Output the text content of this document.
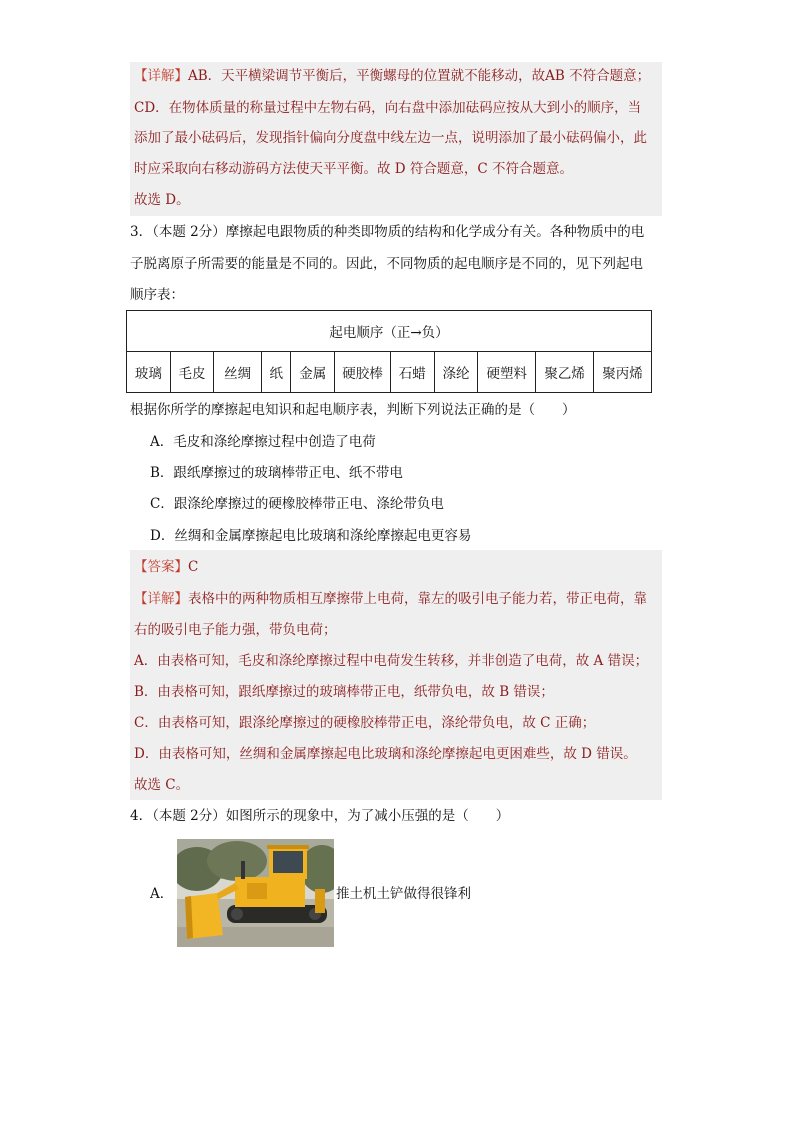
【详解】AB．天平横梁调节平衡后，平衡螺母的位置就不能移动，故AB 不符合题意；
CD．在物体质量的称量过程中左物右码，向右盘中添加砝码应按从大到小的顺序，当
添加了最小砝码后，发现指针偏向分度盘中线左边一点，说明添加了最小砝码偏小，此
时应采取向右移动游码方法使天平平衡。故 D 符合题意，C 不符合题意。
故选 D。
3．（本题 2分）摩擦起电跟物质的种类即物质的结构和化学成分有关。各种物质中的电
子脱离原子所需要的能量是不同的。因此，不同物质的起电顺序是不同的，见下列起电
顺序表：
起电顺序（正→负）
玻璃	毛皮	丝绸	纸	金属	硬胶棒	石蜡	涤纶	硬塑料	聚乙烯	聚丙烯
根据你所学的摩擦起电知识和起电顺序表，判断下列说法正确的是（　　）
A．毛皮和涤纶摩擦过程中创造了电荷
B．跟纸摩擦过的玻璃棒带正电、纸不带电
C．跟涤纶摩擦过的硬橡胶棒带正电、涤纶带负电
D．丝绸和金属摩擦起电比玻璃和涤纶摩擦起电更容易
【答案】C
【详解】表格中的两种物质相互摩擦带上电荷，靠左的吸引电子能力若，带正电荷，靠
右的吸引电子能力强，带负电荷；
A．由表格可知，毛皮和涤纶摩擦过程中电荷发生转移，并非创造了电荷，故 A 错误；
B．由表格可知，跟纸摩擦过的玻璃棒带正电，纸带负电，故 B 错误；
C．由表格可知，跟涤纶摩擦过的硬橡胶棒带正电，涤纶带负电，故 C 正确；
D．由表格可知，丝绸和金属摩擦起电比玻璃和涤纶摩擦起电更困难些，故 D 错误。
故选 C。
4．（本题 2分）如图所示的现象中，为了减小压强的是（　　）
A．	推土机土铲做得很锋利
